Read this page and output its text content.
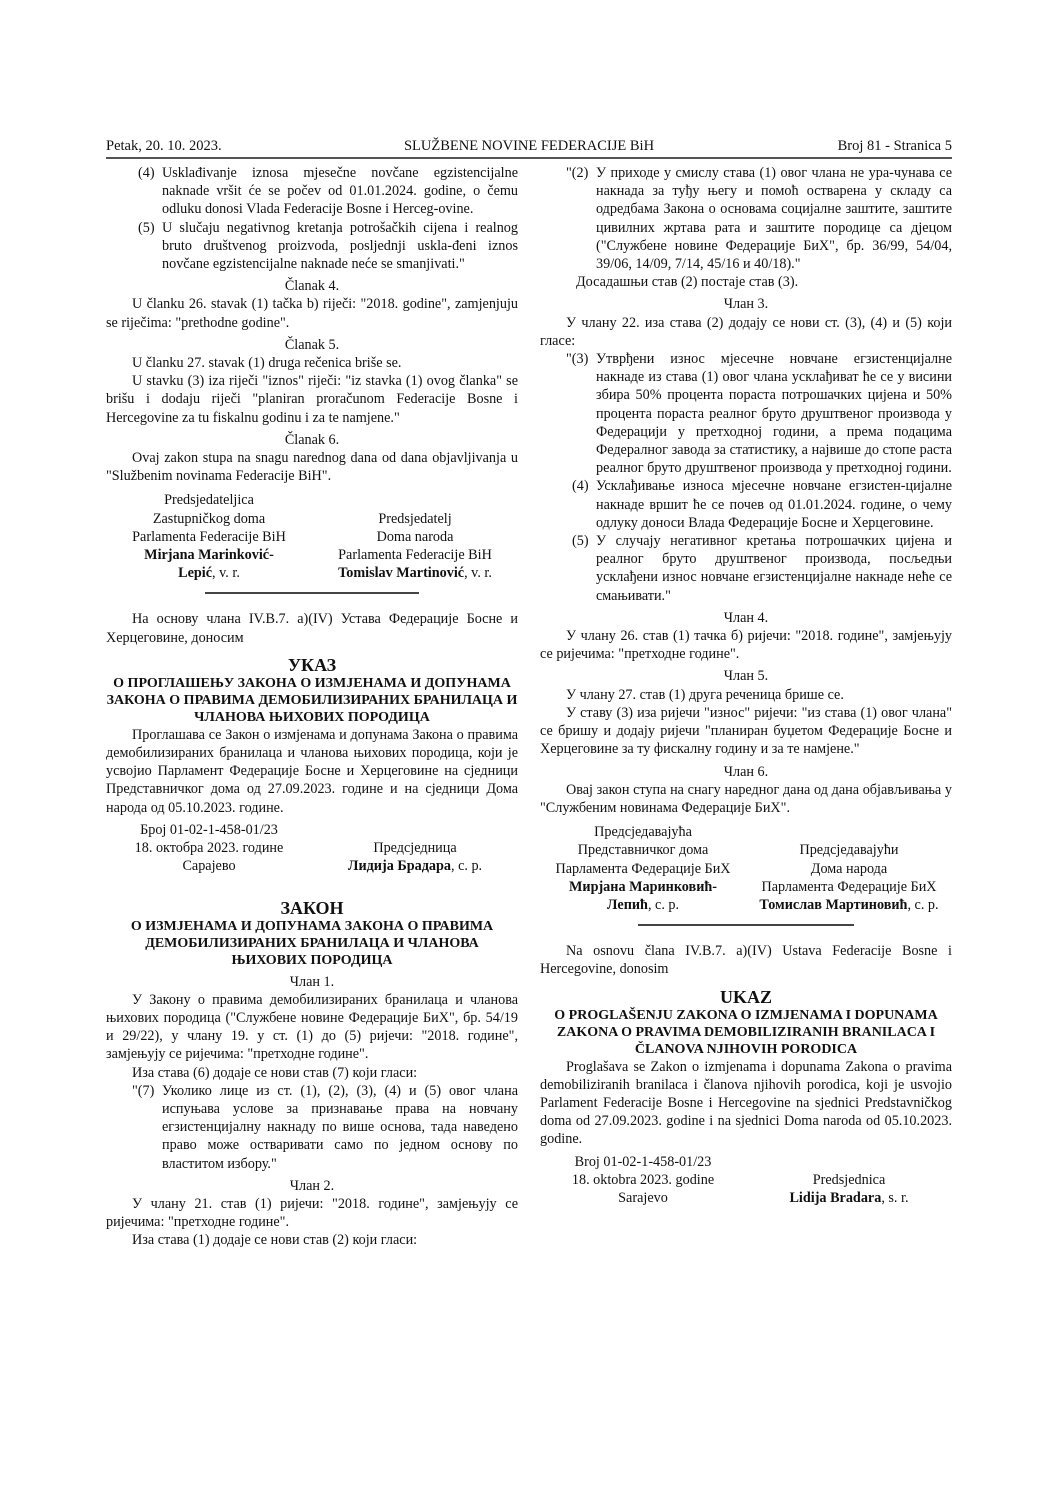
Petak, 20. 10. 2023.	SLUŽBENE NOVINE FEDERACIJE BiH	Broj 81 - Stranica 5
(4) Usklađivanje iznosa mjesečne novčane egzistencijalne naknade vršit će se počev od 01.01.2024. godine, o čemu odluku donosi Vlada Federacije Bosne i Herceg-ovine.
(5) U slučaju negativnog kretanja potrošačkih cijena i realnog bruto društvenog proizvoda, posljednji uskla-đeni iznos novčane egzistencijalne naknade neće se smanjivati."

Članak 4.

U članku 26. stavak (1) tačka b) riječi: "2018. godine", zamjenjuju se riječima: "prethodne godine".

Članak 5.

U članku 27. stavak (1) druga rečenica briše se.

U stavku (3) iza riječi "iznos" riječi: "iz stavka (1) ovog članka" se brišu i dodaju riječi "planiran proračunom Federacije Bosne i Hercegovine za tu fiskalnu godinu i za te namjene."

Članak 6.

Ovaj zakon stupa na snagu narednog dana od dana objavljivanja u "Službenim novinama Federacije BiH".

Predsjedateljica
Zastupničkog doma
Parlamenta Federacije BiH
Mirjana Marinković-
Lepić, v. r.

Predsjedatelj
Doma naroda
Parlamenta Federacije BiH
Tomislav Martinović, v. r.

На основу члана IV.В.7. а)(IV) Устава Федерације Босне и Херцеговине, доносим

УКАЗ
О ПРОГЛАШЕЊУ ЗАКОНА О ИЗМЈЕНАМА И ДОПУНАМА ЗАКОНА О ПРАВИМА ДЕМОБИЛИЗИРАНИХ БРАНИЛАЦА И ЧЛАНОВА ЊИХОВИХ ПОРОДИЦА

Проглашава се Закон о измјенама и допунама Закона о правима демобилизираних бранилаца и чланова њихових породица, који је усвојио Парламент Федерације Босне и Херцеговине на сједници Представничког дома од 27.09.2023. године и на сједници Дома народа од 05.10.2023. године.

Број 01-02-1-458-01/23
18. октобра 2023. године
Сарајево

Предсједница
Лидија Брадара, с. р.
ЗАКОН
О ИЗМЈЕНАМА И ДОПУНАМА ЗАКОНА О ПРАВИМА ДЕМОБИЛИЗИРАНИХ БРАНИЛАЦА И ЧЛАНОВА ЊИХОВИХ ПОРОДИЦА

Члан 1.

У Закону о правима демобилизираних бранилаца и чланова њихових породица ("Службене новине Федерације БиХ", бр. 54/19 и 29/22), у члану 19. у ст. (1) до (5) ријечи: "2018. године", замјењују се ријечима: "претходне године".

Иза става (6) додаје се нови став (7) који гласи:

"(7) Уколико лице из ст. (1), (2), (3), (4) и (5) овог члана испуњава услове за признавање права на новчану егзистенцијалну накнаду по више основа, тада наведено право може остваривати само по једном основу по властитом избору."

Члан 2.

У члану 21. став (1) ријечи: "2018. године", замјењују се ријечима: "претходне године".

Иза става (1) додаје се нови став (2) који гласи:

"(2) У приходе у смислу става (1) овог члана не ура-чунава се накнада за туђу његу и помоћ остварена у складу са одредбама Закона о основама социјалне заштите, заштите цивилних жртава рата и заштите породице са дјецом ("Службене новине Федерације БиХ", бр. 36/99, 54/04, 39/06, 14/09, 7/14, 45/16 и 40/18)."

Досадашњи став (2) постаје став (3).

Члан 3.

У члану 22. иза става (2) додају се нови ст. (3), (4) и (5) који гласе:

"(3) Утврђени износ мјесечне новчане егзистенцијалне накнаде из става (1) овог члана усклађиват ће се у висини збира 50% процента пораста потрошачких цијена и 50% процента пораста реалног бруто друштвеног производа у Федерацији у претходној години, а према подацима Федералног завода за статистику, а највише до стопе раста реалног бруто друштвеног производа у претходној години.
(4) Усклађивање износа мјесечне новчане егзистен-цијалне накнаде вршит ће се почев од 01.01.2024. године, о чему одлуку доноси Влада Федерације Босне и Херцеговине.
(5) У случају негативног кретања потрошачких цијена и реалног бруто друштвеног производа, посљедњи усклађени износ новчане егзистенцијалне накнаде неће се смањивати."

Члан 4.

У члану 26. став (1) тачка б) ријечи: "2018. године", замјењују се ријечима: "претходне године".

Члан 5.

У члану 27. став (1) друга реченица брише се.

У ставу (3) иза ријечи "износ" ријечи: "из става (1) овог члана" се бришу и додају ријечи "планиран буџетом Федерације Босне и Херцеговине за ту фискалну годину и за те намјене."

Члан 6.

Овај закон ступа на снагу наредног дана од дана објављивања у "Службеним новинама Федерације БиХ".

Предсједавајућа
Представничког дома
Парламента Федерације БиХ
Мирјана Маринковић-
Лепић, с. р.

Предсједавајући
Дома народа
Парламента Федерације БиХ
Томислав Мартиновић, с. р.

Na osnovu člana IV.B.7. a)(IV) Ustava Federacije Bosne i Hercegovine, donosim

UKAZ
O PROGLAŠENJU ZAKONA O IZMJENAMA I DOPUNAMA ZAKONA O PRAVIMA DEMOBILIZIRANIH BRANILACA I ČLANOVA NJIHOVIH PORODICA

Proglašava se Zakon o izmjenama i dopunama Zakona o pravima demobiliziranih branilaca i članova njihovih porodica, koji je usvojio Parlament Federacije Bosne i Hercegovine na sjednici Predstavničkog doma od 27.09.2023. godine i na sjednici Doma naroda od 05.10.2023. godine.

Broj 01-02-1-458-01/23
18. oktobra 2023. godine
Sarajevo

Predsjednica
Lidija Bradara, s. r.
